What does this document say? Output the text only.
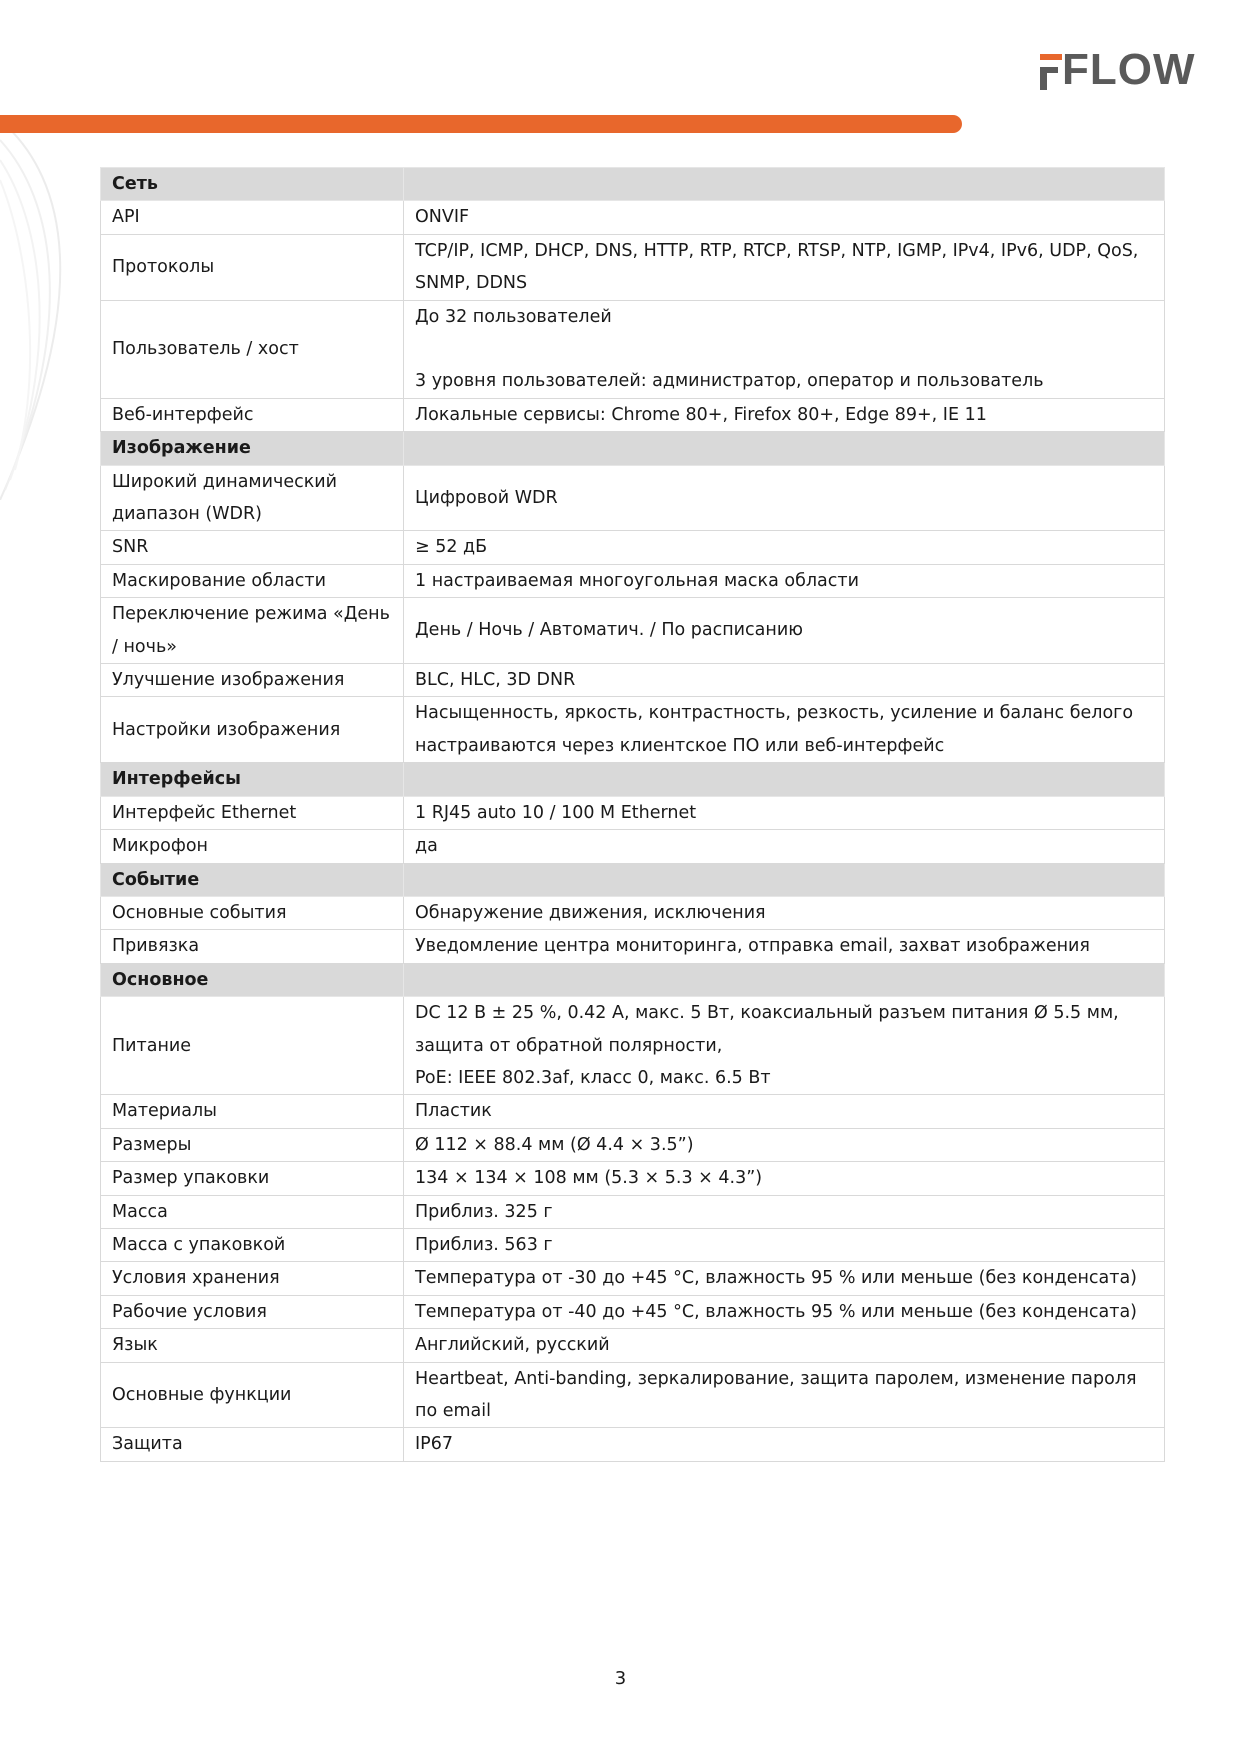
FLOW
Сеть	
API	ONVIF

Протоколы	TCP/IP, ICMP, DHCP, DNS, HTTP, RTP, RTCP, RTSP, NTP, IGMP, IPv4, IPv6, UDP, QoS, SNMP, DDNS

Пользователь / хост	До 32 пользователей
3 уровня пользователей: администратор, оператор и пользователь

Веб-интерфейс	Локальные сервисы: Chrome 80+, Firefox 80+, Edge 89+, IE 11

Изображение	
Широкий динамический диапазон (WDR)	Цифровой WDR

SNR	≥ 52 дБ

Маскирование области	1 настраиваемая многоугольная маска области

Переключение режима «День / ночь»	День / Ночь / Автоматич. / По расписанию

Улучшение изображения	BLC, HLC, 3D DNR

Настройки изображения	Насыщенность, яркость, контрастность, резкость, усиление и баланс белого настраиваются через клиентское ПО или веб-интерфейс

Интерфейсы	
Интерфейс Ethernet	1 RJ45 auto 10 / 100 M Ethernet

Микрофон	да

Событие	
Основные события	Обнаружение движения, исключения

Привязка	Уведомление центра мониторинга, отправка email, захват изображения

Основное	
Питание	DC 12 В ± 25 %, 0.42 A, макс. 5 Вт, коаксиальный разъем питания Ø 5.5 мм, защита от обратной полярности,
PoE: IEEE 802.3af, класс 0, макс. 6.5 Вт

Материалы	Пластик

Размеры	Ø 112 × 88.4 мм (Ø 4.4 × 3.5”)

Размер упаковки	134 × 134 × 108 мм (5.3 × 5.3 × 4.3”)

Масса	Приблиз. 325 г

Масса с упаковкой	Приблиз. 563 г

Условия хранения	Температура от -30 до +45 °C, влажность 95 % или меньше (без конденсата)

Рабочие условия	Температура от -40 до +45 °C, влажность 95 % или меньше (без конденсата)

Язык	Английский, русский

Основные функции	Heartbeat, Anti-banding, зеркалирование, защита паролем, изменение пароля по email

Защита	IP67
3
